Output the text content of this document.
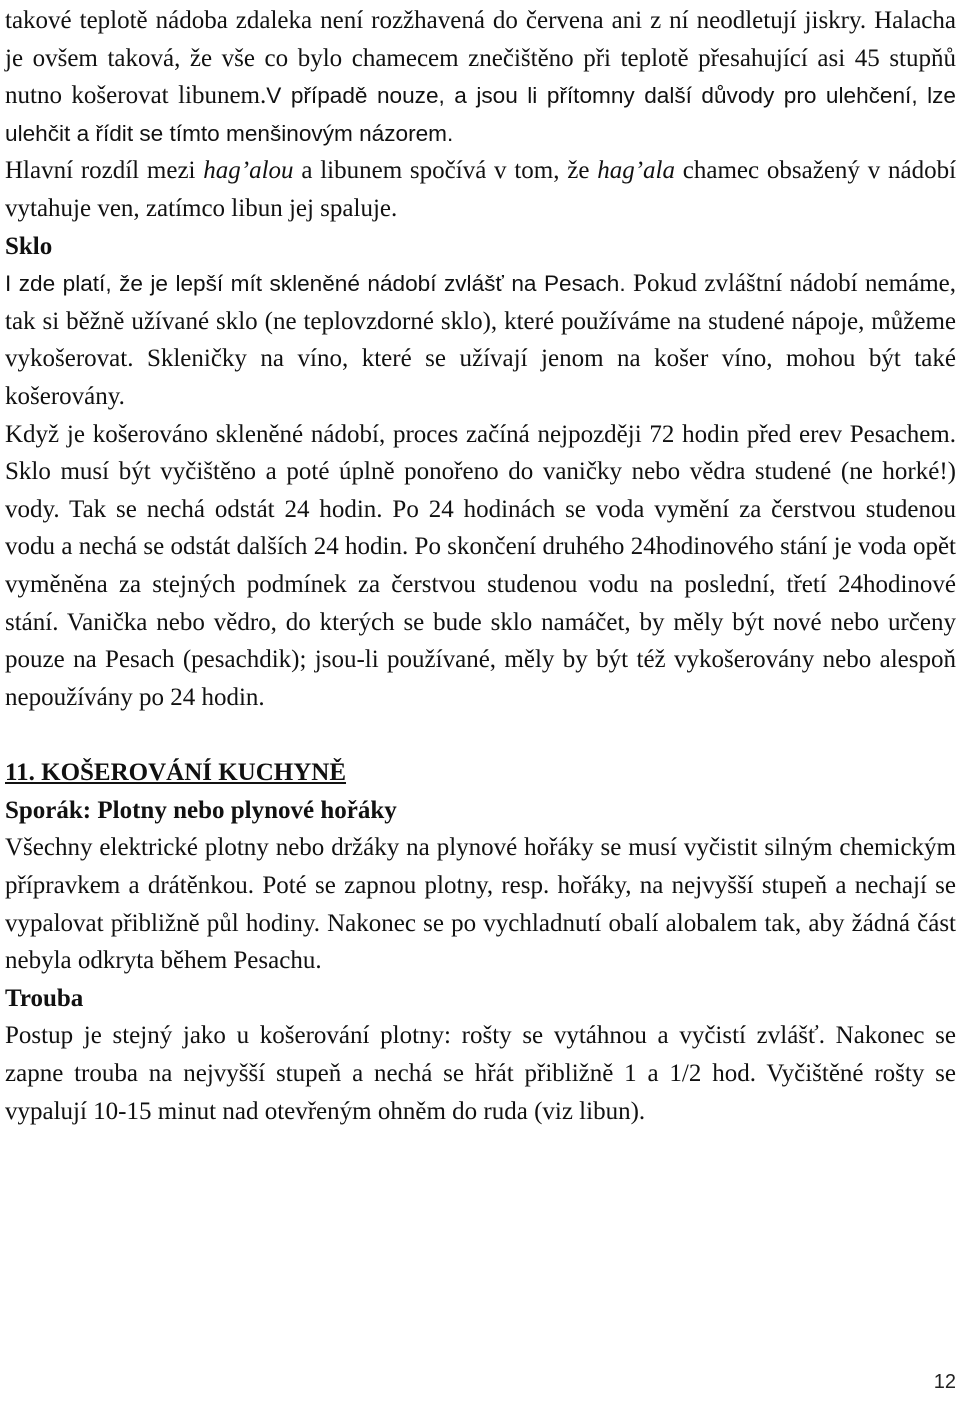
takové teplotě nádoba zdaleka není rozžhavená do červena ani z ní neodletují jiskry. Halacha je ovšem taková, že vše co bylo chamecem znečištěno při teplotě přesahující asi 45 stupňů nutno košerovat libunem.V případě nouze, a jsou li přítomny další důvody pro ulehčení, lze ulehčit a řídit se tímto menšinovým názorem.

Hlavní rozdíl mezi hag’alou a libunem spočívá v tom, že hag’ala chamec obsažený v nádobí vytahuje ven, zatímco libun jej spaluje.

Sklo

I zde platí, že je lepší mít skleněné nádobí zvlášť na Pesach. Pokud zvláštní nádobí nemáme, tak si běžně užívané sklo (ne teplovzdorné sklo), které používáme na studené nápoje, můžeme vykošerovat. Skleničky na víno, které se užívají jenom na košer víno, mohou být také košerovány.

Když je košerováno skleněné nádobí, proces začíná nejpozději 72 hodin před erev Pesachem. Sklo musí být vyčištěno a poté úplně ponořeno do vaničky nebo vědra studené (ne horké!) vody. Tak se nechá odstát 24 hodin. Po 24 hodinách se voda vymění za čerstvou studenou vodu a nechá se odstát dalších 24 hodin. Po skončení druhého 24hodinového stání je voda opět vyměněna za stejných podmínek za čerstvou studenou vodu na poslední, třetí 24hodinové stání. Vanička nebo vědro, do kterých se bude sklo namáčet, by měly být nové nebo určeny pouze na Pesach (pesachdik); jsou-li používané, měly by být též vykošerovány nebo alespoň nepoužívány po 24 hodin.

11. KOŠEROVÁNÍ KUCHYNĚ

Sporák: Plotny nebo plynové hořáky

Všechny elektrické plotny nebo držáky na plynové hořáky se musí vyčistit silným chemickým přípravkem a drátěnkou. Poté se zapnou plotny, resp. hořáky, na nejvyšší stupeň a nechají se vypalovat přibližně půl hodiny. Nakonec se po vychladnutí obalí alobalem tak, aby žádná část nebyla odkryta během Pesachu.

Trouba

Postup je stejný jako u košerování plotny: rošty se vytáhnou a vyčistí zvlášť. Nakonec se zapne trouba na nejvyšší stupeň a nechá se hřát přibližně 1 a 1/2 hod. Vyčištěné rošty se vypalují 10-15 minut nad otevřeným ohněm do ruda (viz libun).

12
